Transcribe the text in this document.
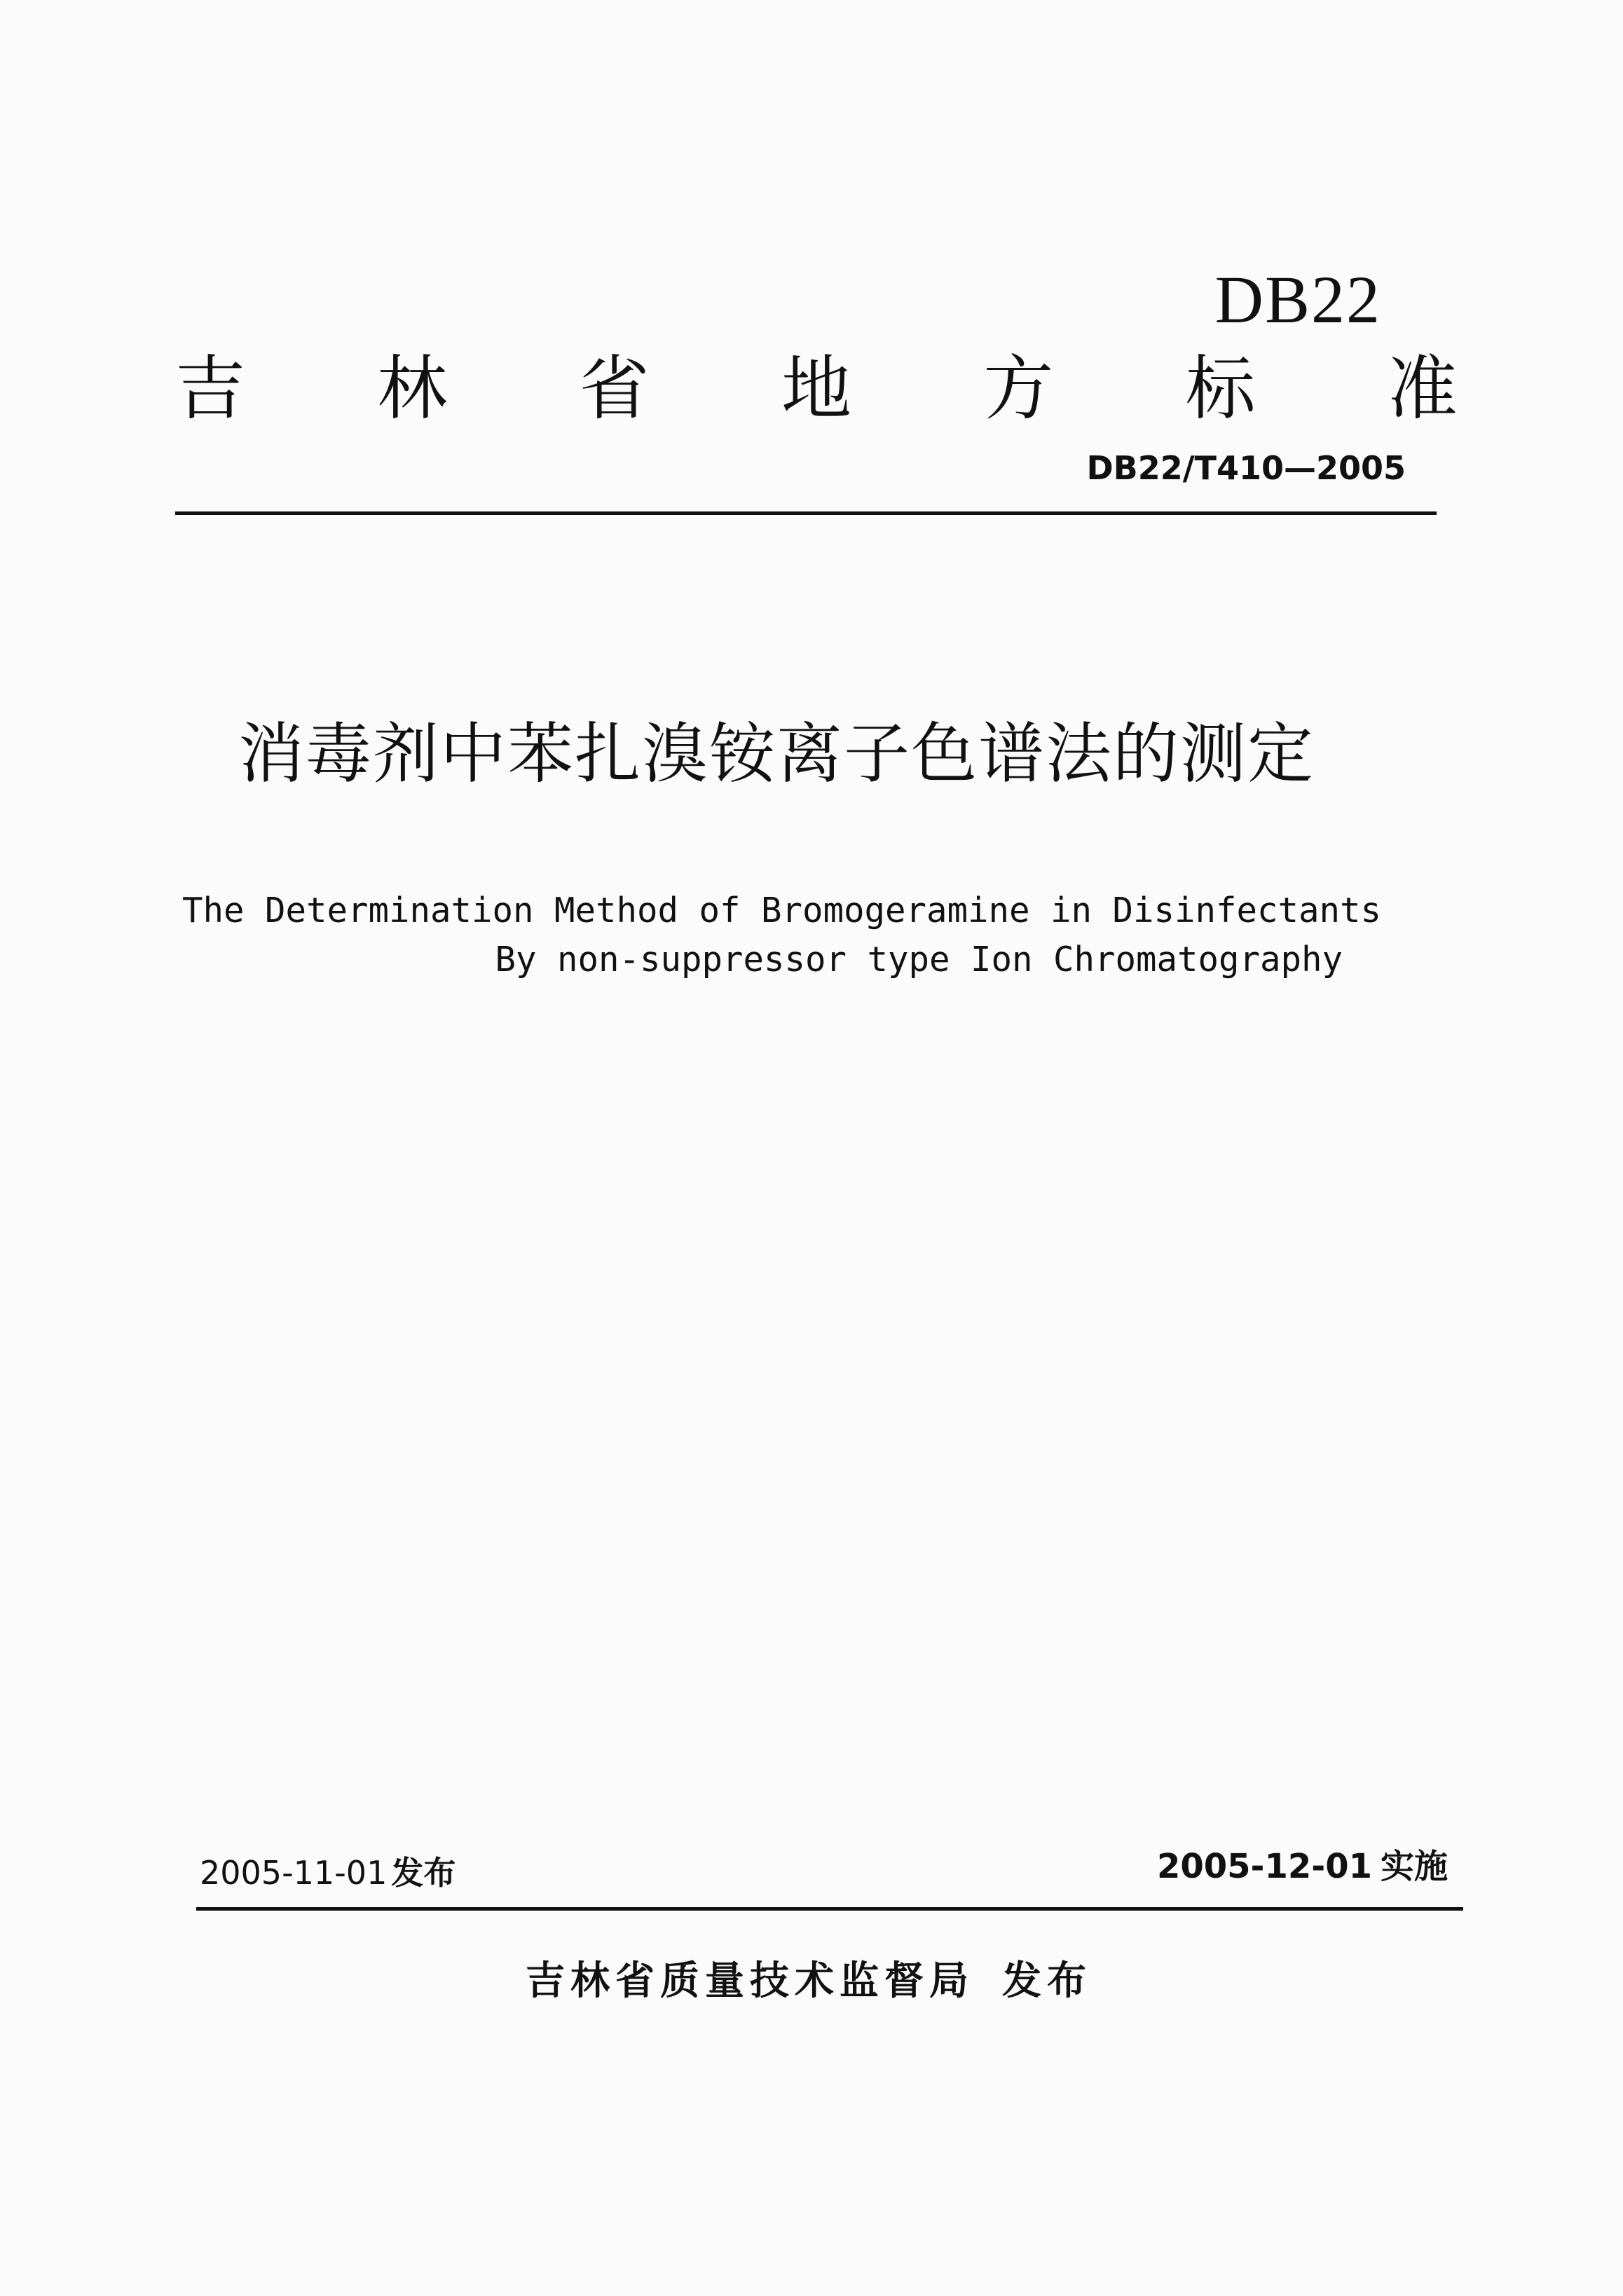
DB22
吉 林 省 地 方 标 准
DB22/T410—2005
消毒剂中苯扎溴铵离子色谱法的测定
The Determination Method of Bromogeramine in Disinfectants
By non-suppressor type Ion Chromatography
2005-11-01 发布	2005-12-01 实施
吉林省质量技术监督局 发布
